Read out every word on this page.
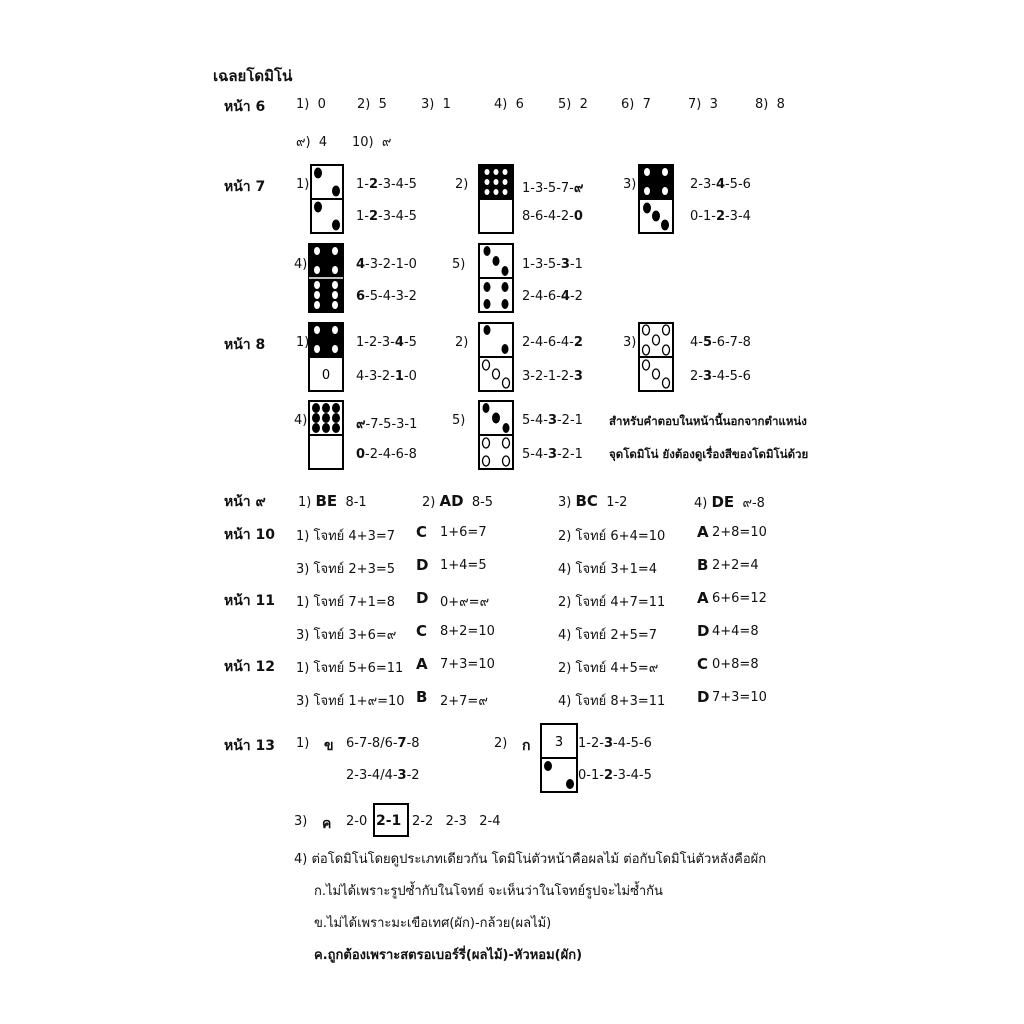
เฉลยโดมิโน่
หน้า 6 1) 0 2) 5	3) 1	4) 6	5) 2	6) 7	7) 3	8) 8
๙) 4 10) ๙
หน้า 7 1)	1-2-3-4-5
1-2-3-4-5
2)	1-3-5-7-๙
8-6-4-2-0
3)	2-3-4-5-6
0-1-2-3-4
4)	4-3-2-1-0
6-5-4-3-2
5)	1-3-5-3-1
2-4-6-4-2
หน้า 8 1)
0
1-2-3-4-5
4-3-2-1-0
2)	2-4-6-4-2
3-2-1-2-3
3)	4-5-6-7-8
2-3-4-5-6
4)	๙-7-5-3-1
0-2-4-6-8
5)	5-4-3-2-1
5-4-3-2-1
สำหรับคำตอบในหน้านี้นอกจากตำแหน่ง
จุดโดมิโน่ ยังต้องดูเรื่องสีของโดมิโน่ด้วย
หน้า ๙ 1) BE 8-1	2) AD 8-5	3) BC 1-2	4) DE ๙-8
หน้า 10 1) โจทย์ 4+3=7 C 1+6=7	2) โจทย์ 6+4=10 A 2+8=10
3) โจทย์ 2+3=5 D 1+4=5	4) โจทย์ 3+1=4	B 2+2=4
หน้า 11 1) โจทย์ 7+1=8 D 0+๙=๙	2) โจทย์ 4+7=11 A 6+6=12
3) โจทย์ 3+6=๙ C 8+2=10	4) โจทย์ 2+5=7	D 4+4=8
หน้า 12 1) โจทย์ 5+6=11 A 7+3=10	2) โจทย์ 4+5=๙	C 0+8=8
3) โจทย์ 1+๙=10 B 2+7=๙	4) โจทย์ 8+3=11 D 7+3=10
หน้า 13 1) ข 6-7-8/6-7-8
2-3-4/4-3-2
2) ก 3 1-2-3-4-5-6
0-1-2-3-4-5
3) ค 2-0 2-1 2-2   2-3   2-4
4) ต่อโดมิโน่โดยดูประเภทเดียวกัน โดมิโน่ตัวหน้าคือผลไม้ ต่อกับโดมิโน่ตัวหลังคือผัก
ก.ไม่ได้เพราะรูปซ้ำกับในโจทย์ จะเห็นว่าในโจทย์รูปจะไม่ซ้ำกัน
ข.ไม่ได้เพราะมะเขือเทศ(ผัก)-กล้วย(ผลไม้)
ค.ถูกต้องเพราะสตรอเบอร์รี่(ผลไม้)-หัวหอม(ผัก)
